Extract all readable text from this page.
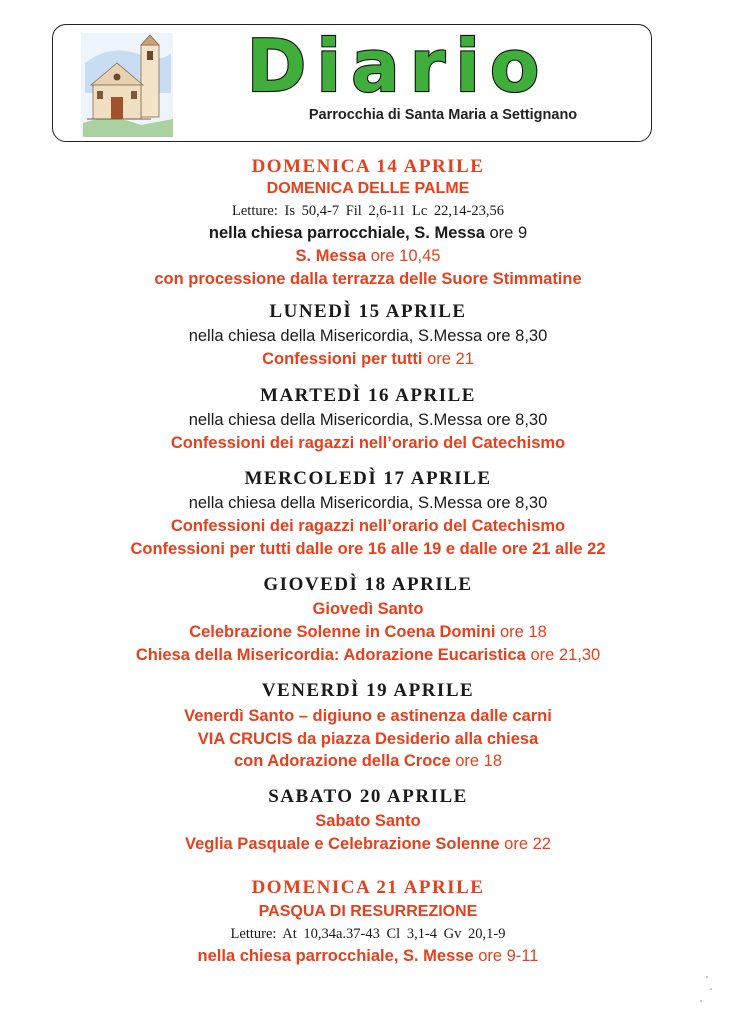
Diario
Parrocchia di Santa Maria a Settignano
DOMENICA 14 APRILE
DOMENICA DELLE PALME
Letture: Is 50,4-7 Fil 2,6-11 Lc 22,14-23,56
nella chiesa parrocchiale, S. Messa ore 9
S. Messa ore 10,45
con processione dalla terrazza delle Suore Stimmatine
LUNEDÌ 15 APRILE
nella chiesa della Misericordia, S.Messa ore 8,30
Confessioni per tutti ore 21
MARTEDÌ 16 APRILE
nella chiesa della Misericordia, S.Messa ore 8,30
Confessioni dei ragazzi nell’orario del Catechismo
MERCOLEDÌ 17 APRILE
nella chiesa della Misericordia, S.Messa ore 8,30
Confessioni dei ragazzi nell’orario del Catechismo
Confessioni per tutti dalle ore 16 alle 19 e dalle ore 21 alle 22
GIOVEDÌ 18 APRILE
Giovedì Santo
Celebrazione Solenne in Coena Domini ore 18
Chiesa della Misericordia: Adorazione Eucaristica ore 21,30
VENERDÌ 19 APRILE
Venerdì Santo – digiuno e astinenza dalle carni
VIA CRUCIS da piazza Desiderio alla chiesa
con Adorazione della Croce ore 18
SABATO 20 APRILE
Sabato Santo
Veglia Pasquale e Celebrazione Solenne ore 22
DOMENICA 21 APRILE
PASQUA DI RESURREZIONE
Letture: At 10,34a.37-43 Cl 3,1-4 Gv 20,1-9
nella chiesa parrocchiale, S. Messe ore 9-11
